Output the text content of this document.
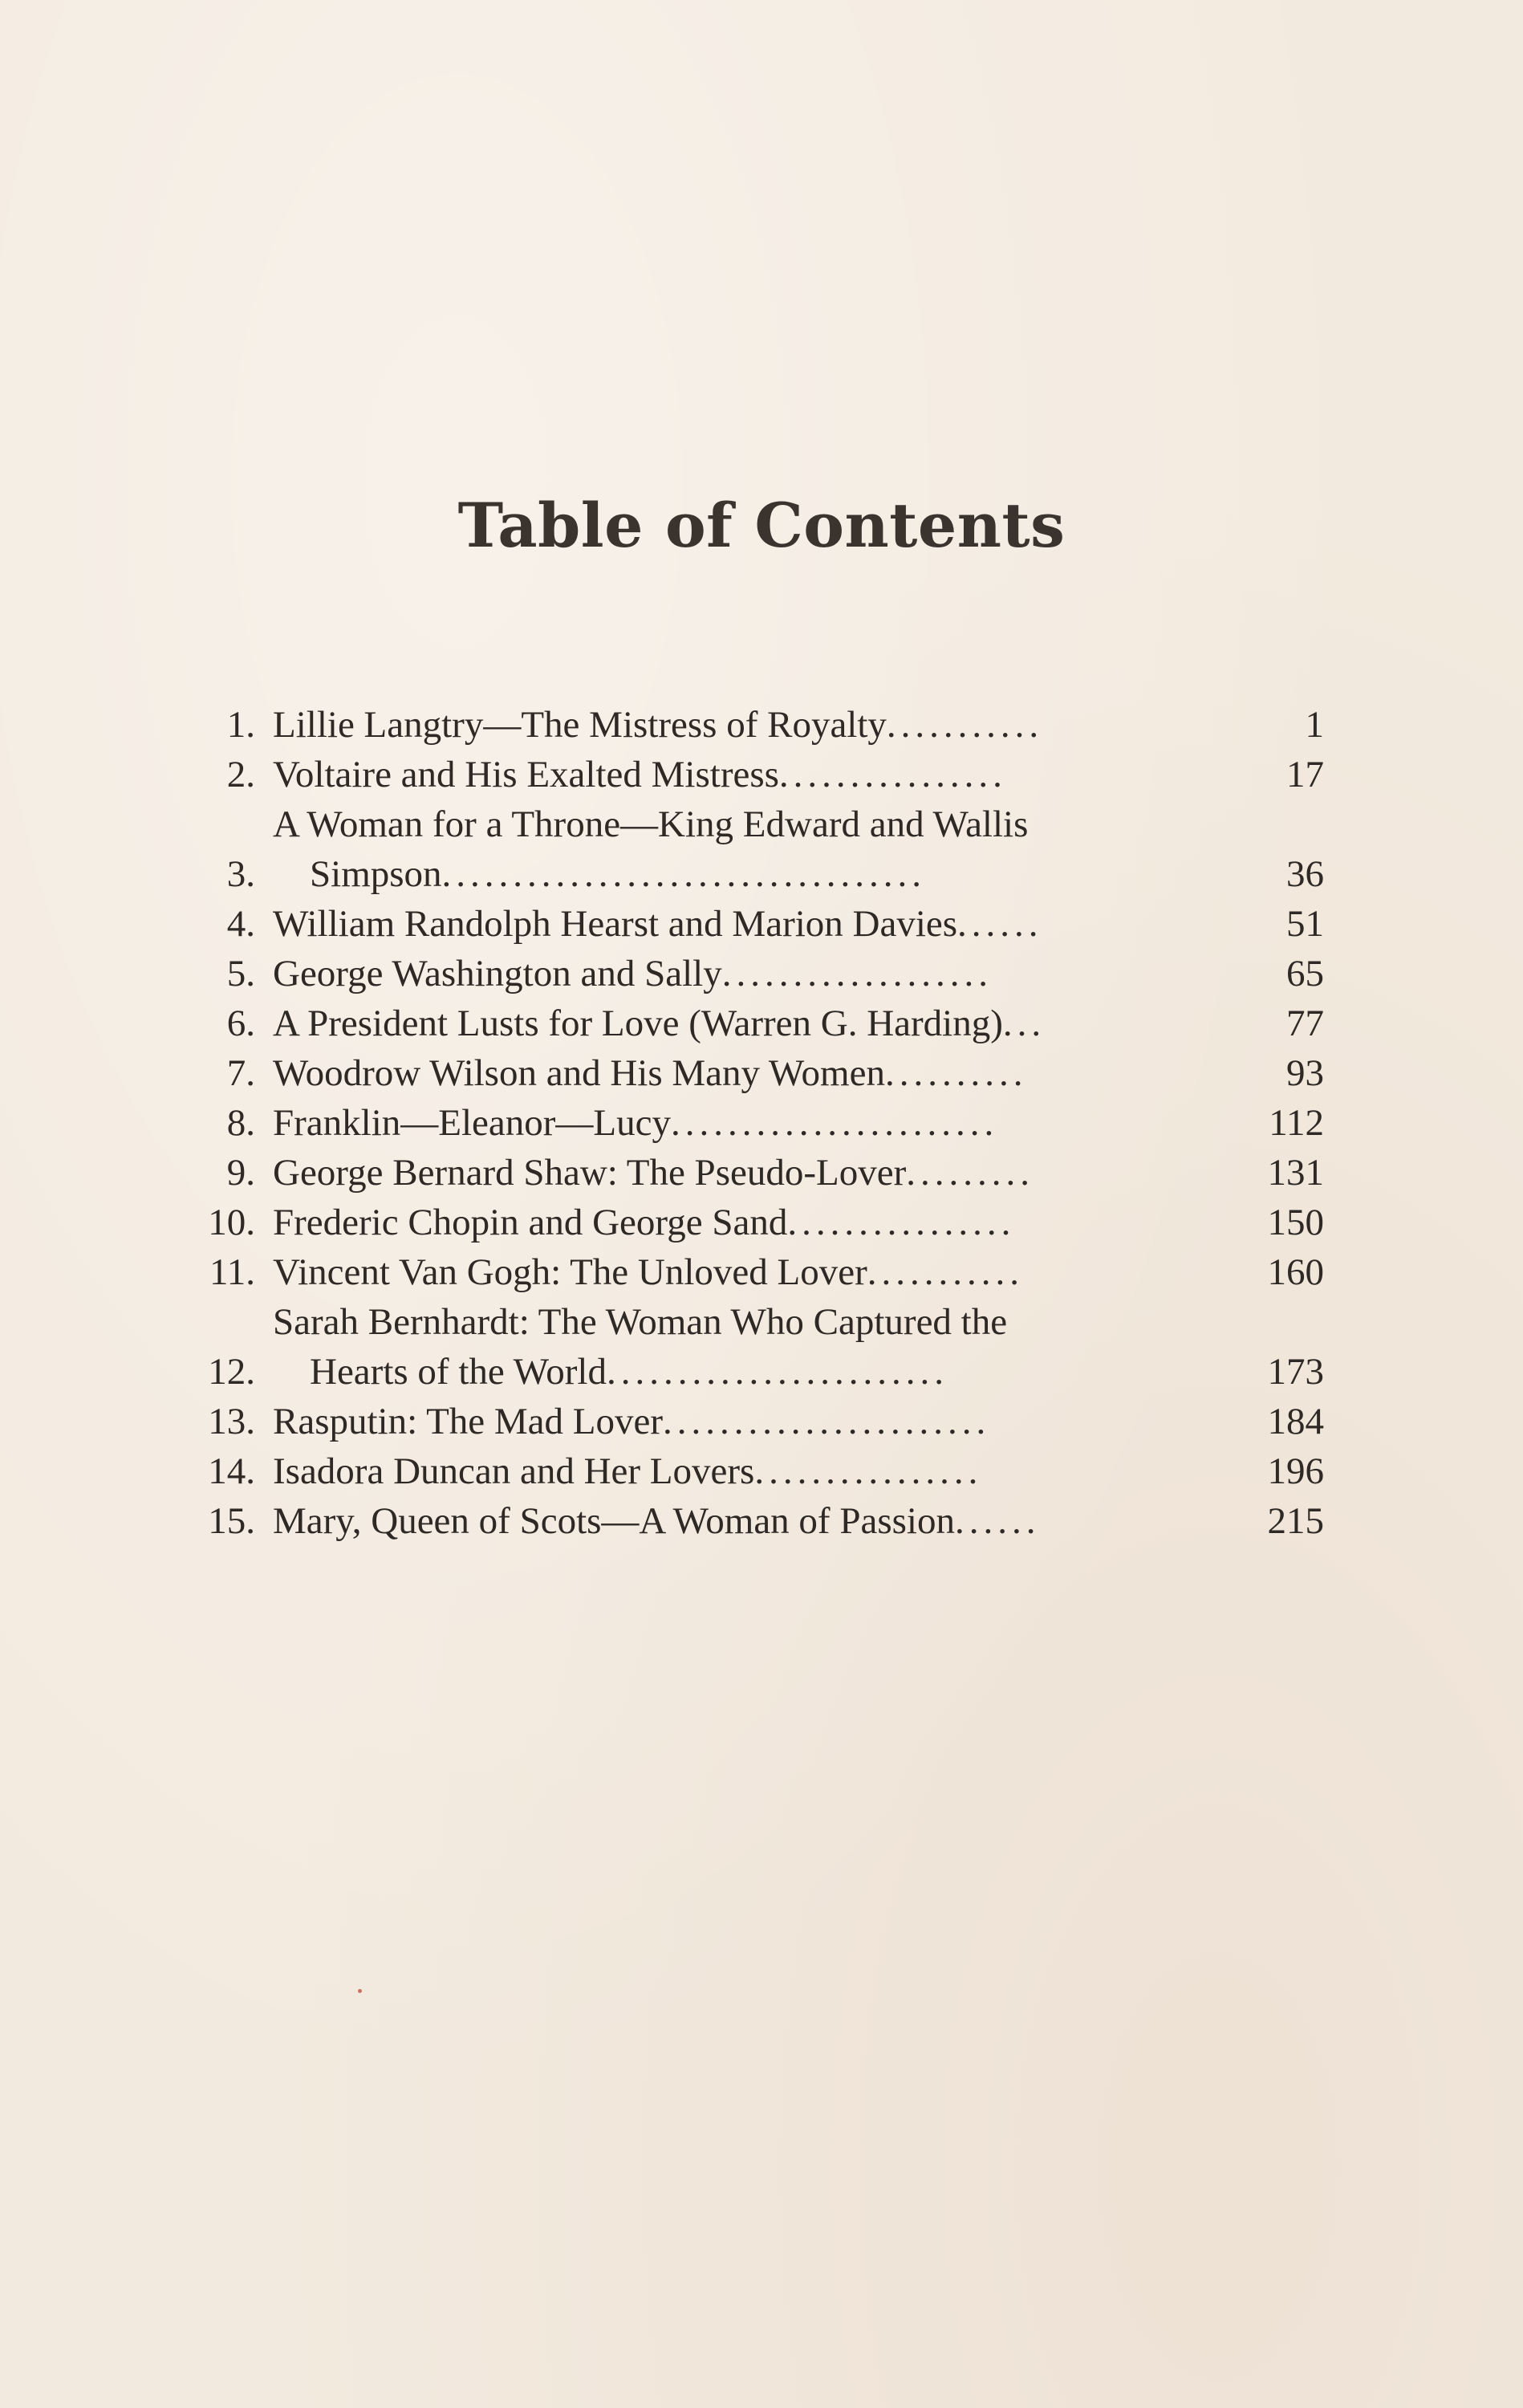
Table of Contents
1. Lillie Langtry—The Mistress of Royalty...........	1
2. Voltaire and His Exalted Mistress................	17
3.
A Woman for a Throne—King Edward and Wallis
Simpson..................................	36
4. William Randolph Hearst and Marion Davies......	51
5. George Washington and Sally...................	65
6. A President Lusts for Love (Warren G. Harding)...	77
7. Woodrow Wilson and His Many Women..........	93
8. Franklin—Eleanor—Lucy.......................	112
9. George Bernard Shaw: The Pseudo-Lover.........	131
10. Frederic Chopin and George Sand................	150
11. Vincent Van Gogh: The Unloved Lover...........	160
12.
Sarah Bernhardt: The Woman Who Captured the
Hearts of the World........................	173
13. Rasputin: The Mad Lover.......................	184
14. Isadora Duncan and Her Lovers................	196
15. Mary, Queen of Scots—A Woman of Passion......	215
